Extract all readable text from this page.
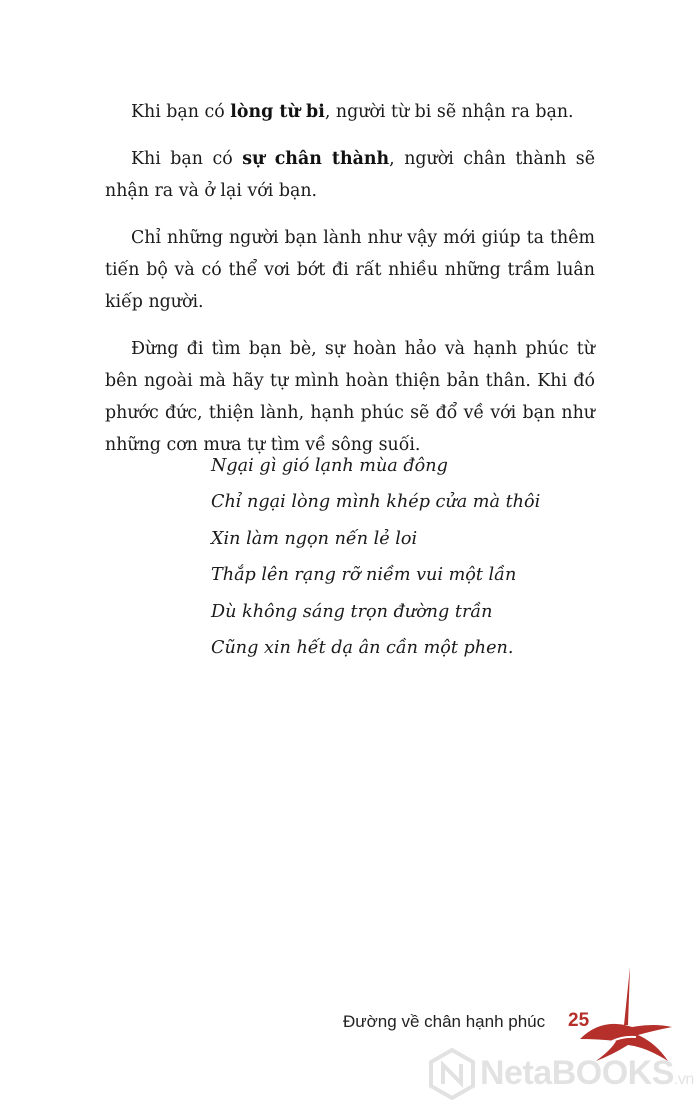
Khi bạn có lòng từ bi, người từ bi sẽ nhận ra bạn.

Khi bạn có sự chân thành, người chân thành sẽ nhận ra và ở lại với bạn.

Chỉ những người bạn lành như vậy mới giúp ta thêm tiến bộ và có thể vơi bớt đi rất nhiều những trầm luân kiếp người.

Đừng đi tìm bạn bè, sự hoàn hảo và hạnh phúc từ bên ngoài mà hãy tự mình hoàn thiện bản thân. Khi đó phước đức, thiện lành, hạnh phúc sẽ đổ về với bạn như những cơn mưa tự tìm về sông suối.

Ngại gì gió lạnh mùa đông
Chỉ ngại lòng mình khép cửa mà thôi
Xin làm ngọn nến lẻ loi
Thắp lên rạng rỡ niềm vui một lần
Dù không sáng trọn đường trần
Cũng xin hết dạ ân cần một phen.
Đường về chân hạnh phúc 25
NetaBOOKS.vn
